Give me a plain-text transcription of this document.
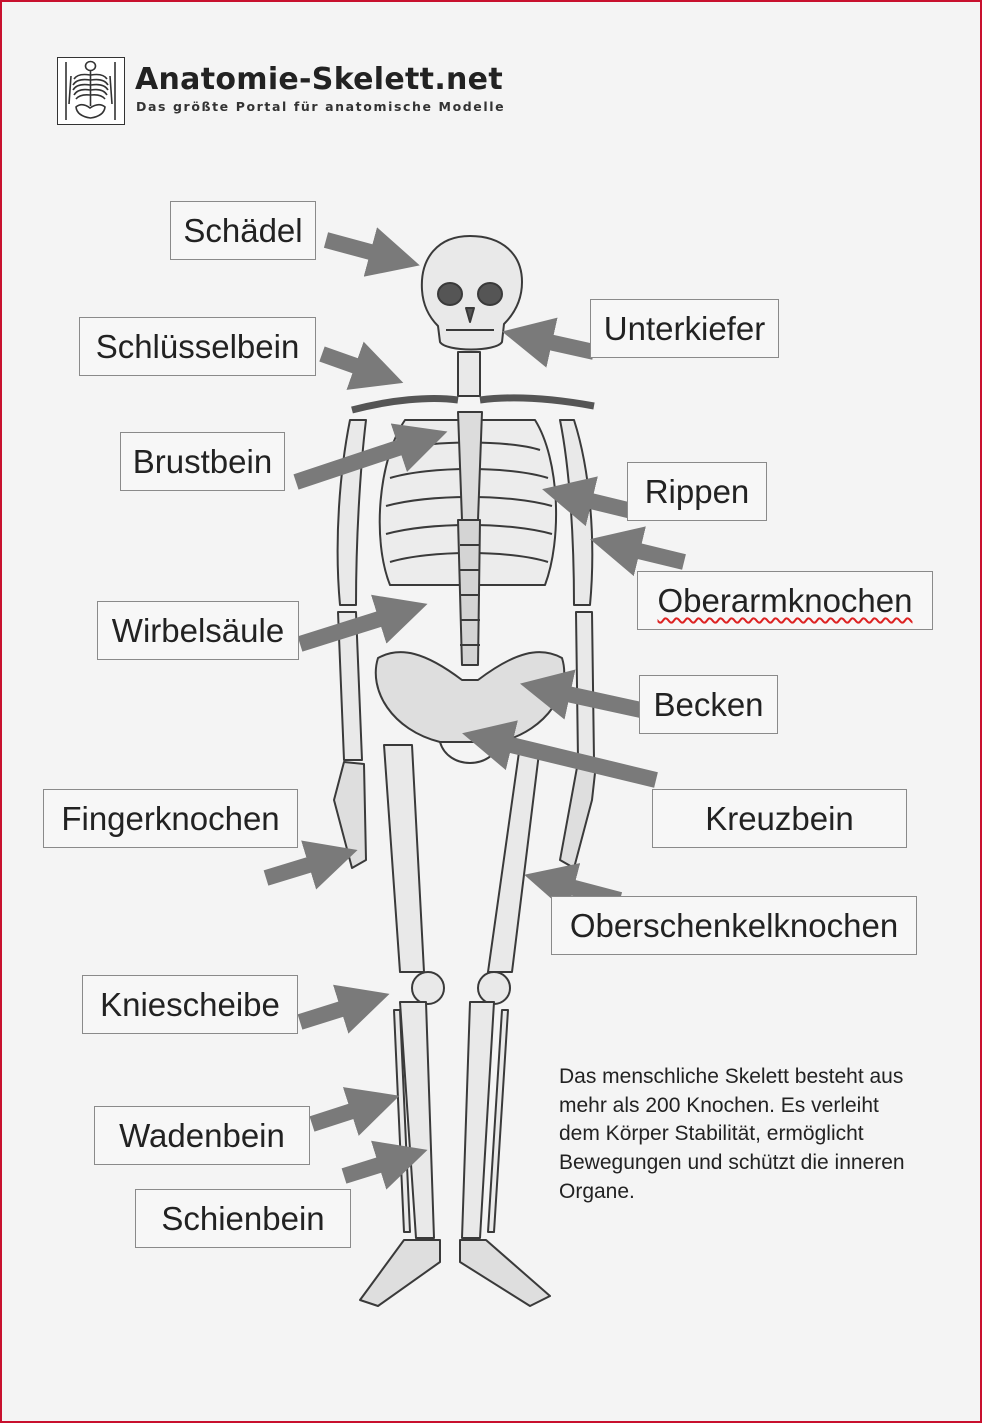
Anatomie-Skelett.net
Das größte Portal für anatomische Modelle
Schädel
Schlüsselbein
Brustbein
Wirbelsäule
Fingerknochen
Kniescheibe
Wadenbein
Schienbein
Unterkiefer
Rippen
Oberarmknochen
Becken
Kreuzbein
Oberschenkelknochen
Das menschliche Skelett besteht aus mehr als 200 Knochen. Es verleiht dem Körper Stabilität, ermöglicht Bewegungen und schützt die inneren Organe.
